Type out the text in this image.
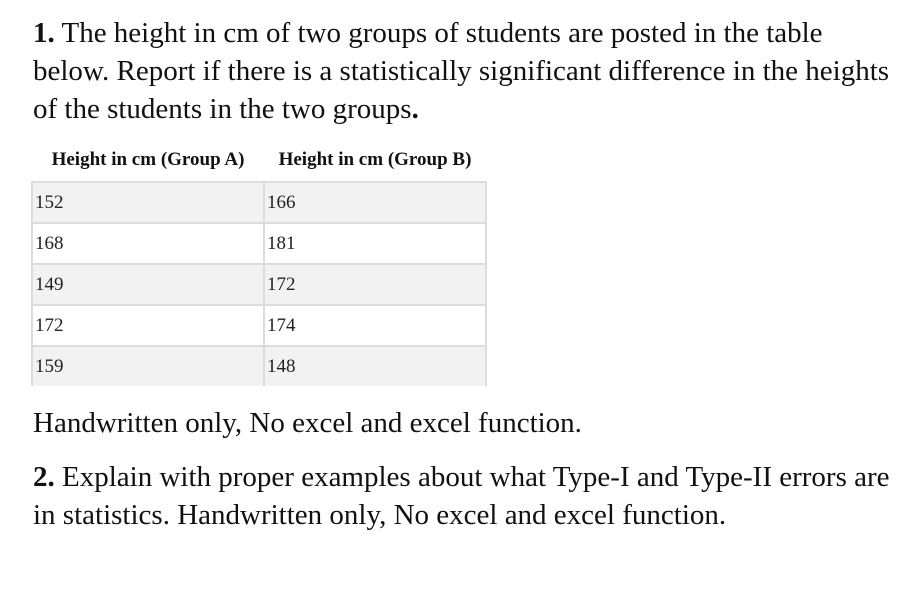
1. The height in cm of two groups of students are posted in the table below. Report if there is a statistically significant difference in the heights of the students in the two groups.

Height in cm (Group A)	Height in cm (Group B)
152	166
168	181
149	172
172	174
159	148

Handwritten only, No excel and excel function.

2. Explain with proper examples about what Type-I and Type-II errors are in statistics. Handwritten only, No excel and excel function.
